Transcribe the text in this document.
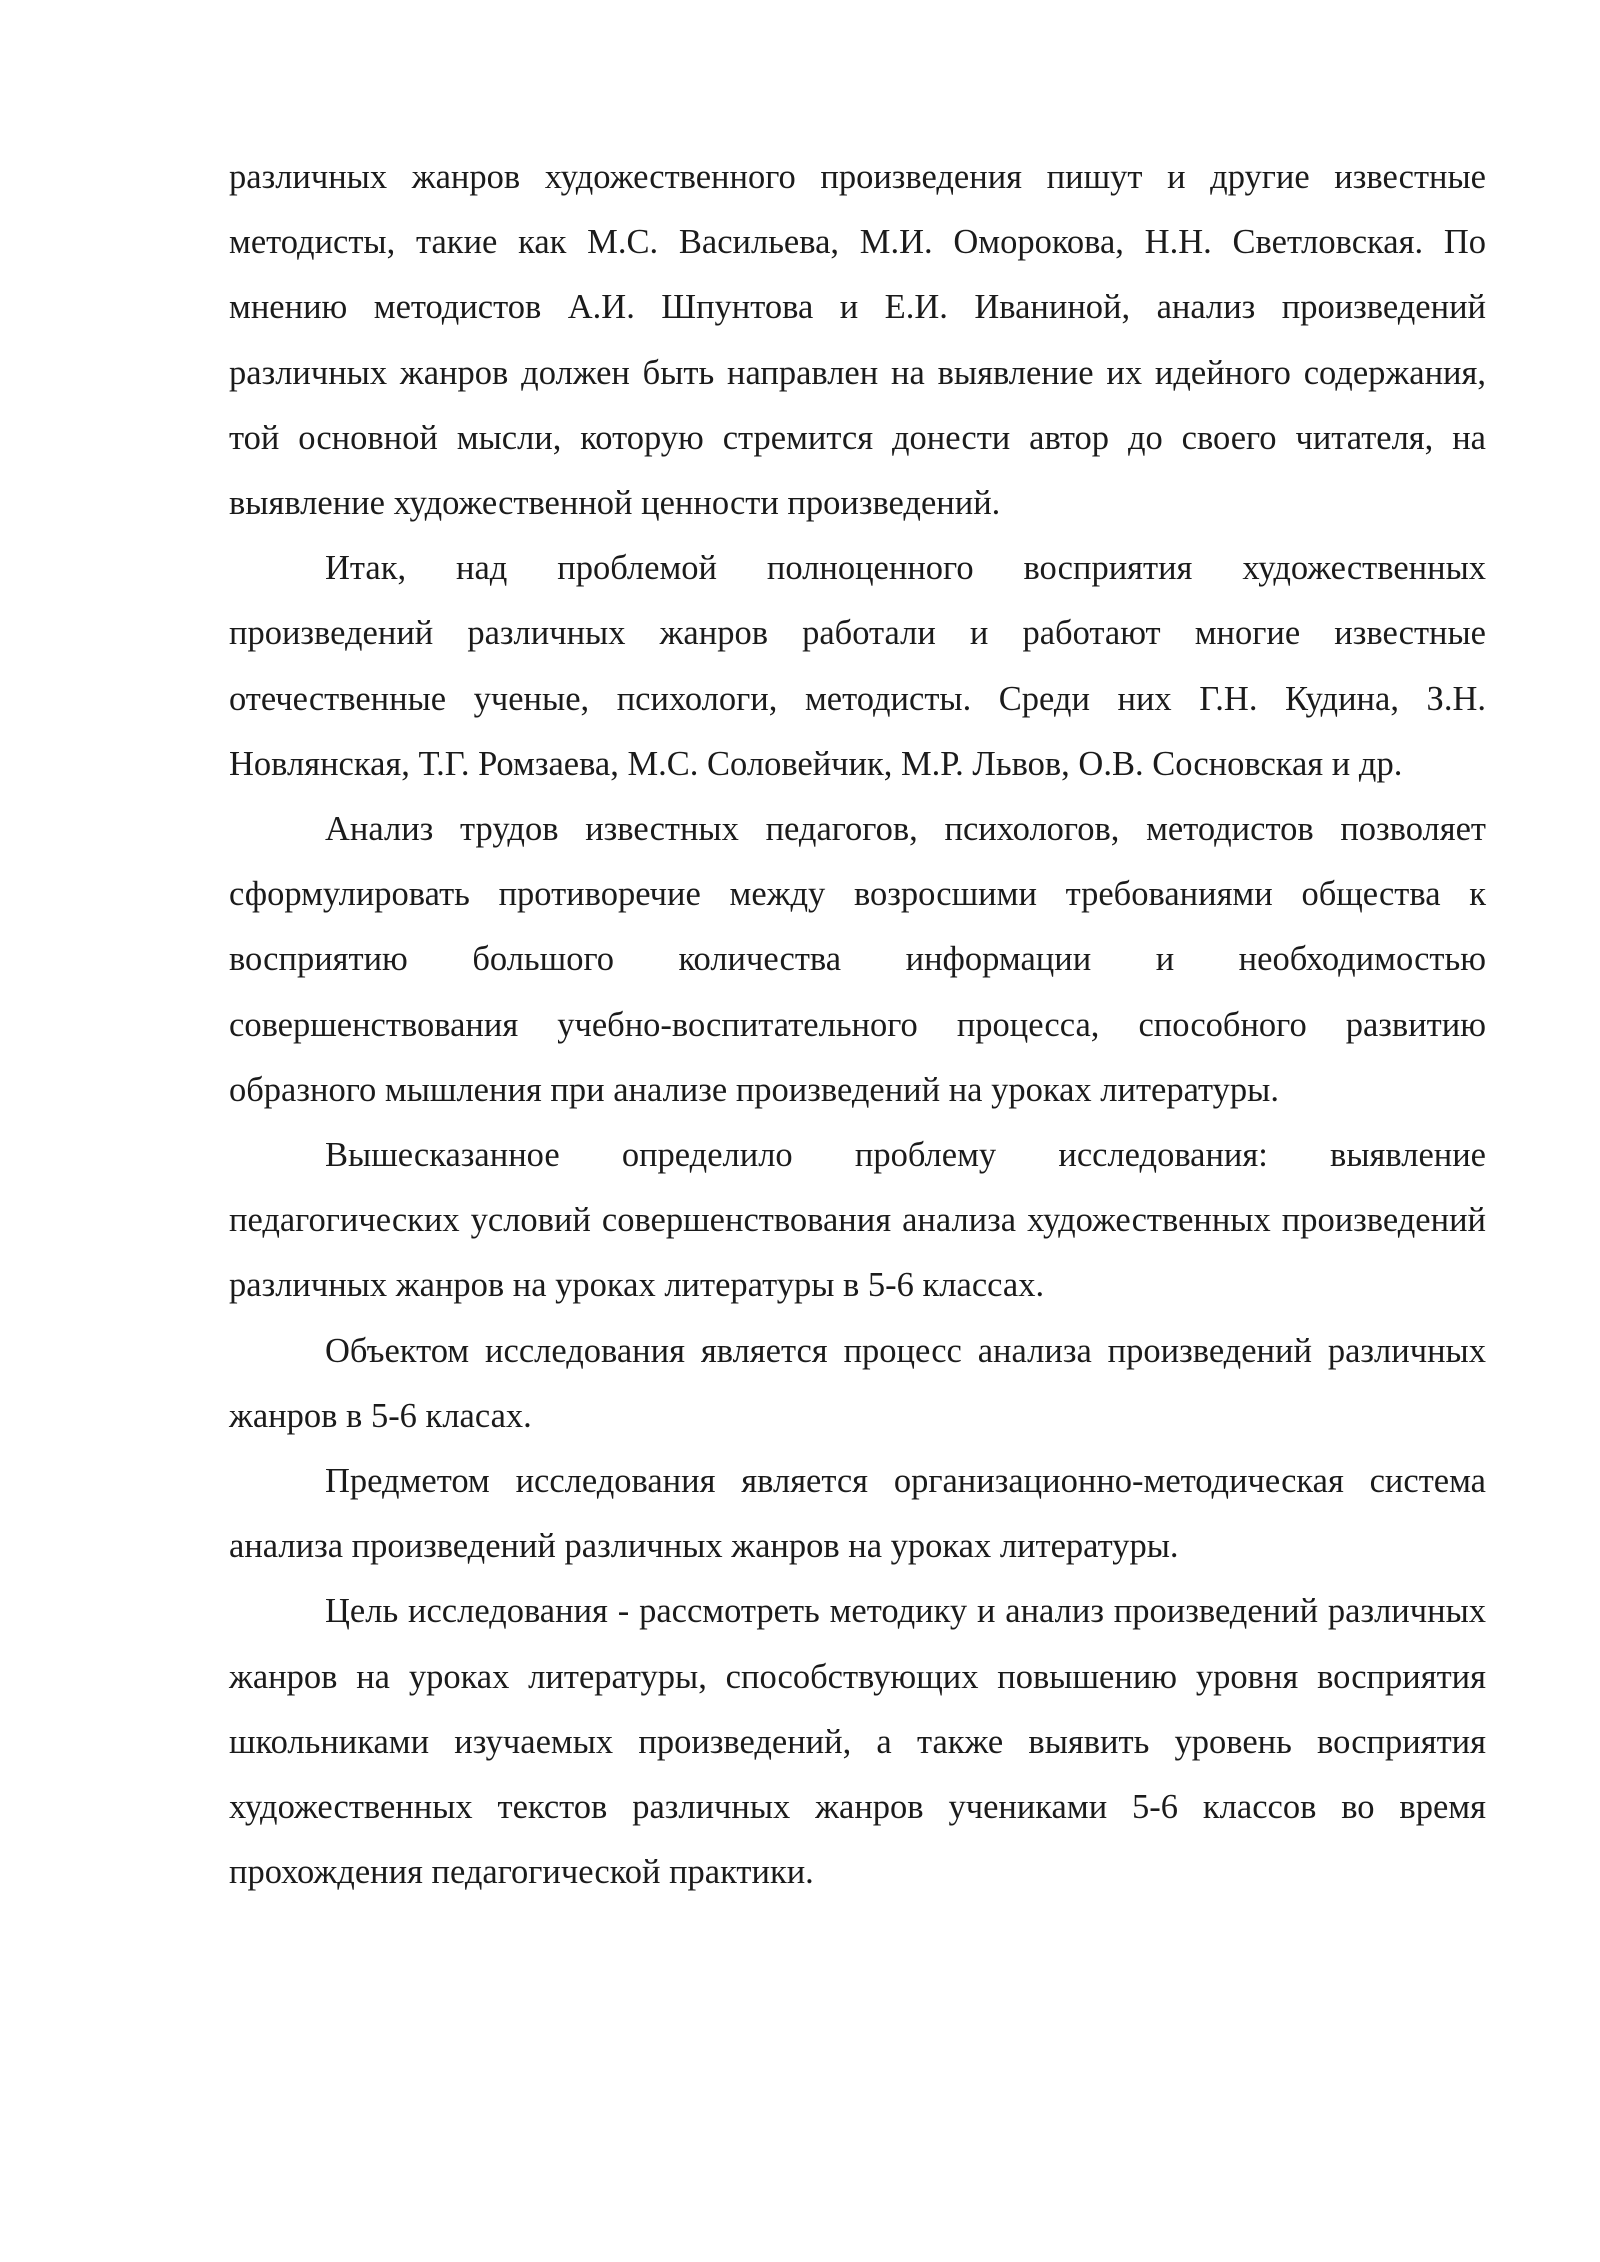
различных жанров художественного произведения пишут и другие известные методисты, такие как М.С. Васильева, М.И. Оморокова, Н.Н. Светловская. По мнению методистов А.И. Шпунтова и Е.И. Иваниной, анализ произведений различных жанров должен быть направлен на выявление их идейного содержания, той основной мысли, которую стремится донести автор до своего читателя, на выявление художественной ценности произведений.

Итак, над проблемой полноценного восприятия художественных произведений различных жанров работали и работают многие известные отечественные ученые, психологи, методисты. Среди них Г.Н. Кудина, З.Н. Новлянская, Т.Г. Ромзаева, М.С. Соловейчик, М.Р. Львов, О.В. Сосновская и др.

Анализ трудов известных педагогов, психологов, методистов позволяет сформулировать противоречие между возросшими требованиями общества к восприятию большого количества информации и необходимостью совершенствования учебно-воспитательного процесса, способного развитию образного мышления при анализе произведений на уроках литературы.

Вышесказанное определило проблему исследования: выявление педагогических условий совершенствования анализа художественных произведений различных жанров на уроках литературы в 5-6 классах.

Объектом исследования является процесс анализа произведений различных жанров в 5-6 класах.

Предметом исследования является организационно-методическая система анализа произведений различных жанров на уроках литературы.

Цель исследования - рассмотреть методику и анализ произведений различных жанров на уроках литературы, способствующих повышению уровня восприятия школьниками изучаемых произведений, а также выявить уровень восприятия художественных текстов различных жанров учениками 5-6 классов во время прохождения педагогической практики.
